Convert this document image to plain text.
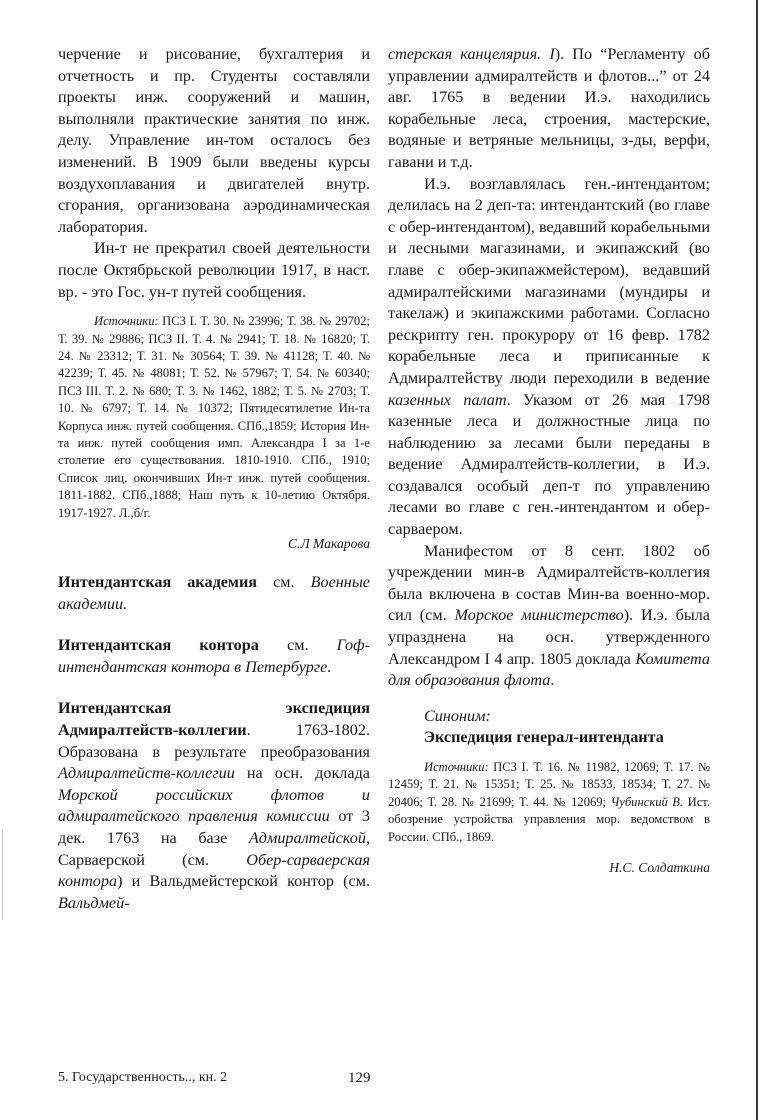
черчение и рисование, бухгалтерия и отчетность и пр. Студенты составляли проекты инж. сооружений и машин, выполняли практические занятия по инж. делу. Управление ин-том осталось без изменений. В 1909 были введены курсы воздухоплавания и двигателей внутр. сгорания, организована аэродинамическая лаборатория.

Ин-т не прекратил своей деятельности после Октябрьской революции 1917, в наст. вр. - это Гос. ун-т путей сообщения.

Источники: ПСЗ I. Т. 30. № 23996; Т. 38. № 29702; Т. 39. № 29886; ПСЗ II. Т. 4. № 2941; Т. 18. № 16820; Т. 24. № 23312; Т. 31. № 30564; Т. 39. № 41128; Т. 40. № 42239; Т. 45. № 48081; Т. 52. № 57967; Т. 54. № 60340; ПСЗ III. Т. 2. № 680; Т. 3. № 1462, 1882; Т. 5. № 2703; Т. 10. № 6797; Т. 14. № 10372; Пятидесятилетие Ин-та Корпуса инж. путей сообщения. СПб.,1859; История Ин-та инж. путей сообщения имп. Александра I за 1-е столетие его существования. 1810-1910. СПб., 1910; Список лиц, окончивших Ин-т инж. путей сообщения. 1811-1882. СПб.,1888; Наш путь к 10-летию Октября. 1917-1927. Л.,б/г.

С.Л Макарова

Интендантская академия см. Военные академии.

Интендантская контора см. Гоф-интендантская контора в Петербурге.

Интендантская экспедиция Адмиралтейств-коллегии. 1763-1802. Образована в результате преобразования Адмиралтейств-коллегии на осн. доклада Морской российских флотов и адмиралтейского правления комиссии от 3 дек. 1763 на базе Адмиралтейской, Сарваерской (см. Обер-сарваерская контора) и Вальдмейстерской контор (см. Вальдмей-

стерская канцелярия. I). По “Регламенту об управлении адмиралтейств и флотов...” от 24 авг. 1765 в ведении И.э. находились корабельные леса, строения, мастерские, водяные и ветряные мельницы, з-ды, верфи, гавани и т.д.

И.э. возглавлялась ген.-интендантом; делилась на 2 деп-та: интендантский (во главе с обер-интендантом), ведавший корабельными и лесными магазинами, и экипажский (во главе с обер-экипажмейстером), ведавший адмиралтейскими магазинами (мундиры и такелаж) и экипажскими работами. Согласно рескрипту ген. прокурору от 16 февр. 1782 корабельные леса и приписанные к Адмиралтейству люди переходили в ведение казенных палат. Указом от 26 мая 1798 казенные леса и должностные лица по наблюдению за лесами были переданы в ведение Адмиралтейств-коллегии, в И.э. создавался особый деп-т по управлению лесами во главе с ген.-интендантом и обер-сарваером.

Манифестом от 8 сент. 1802 об учреждении мин-в Адмиралтейств-коллегия была включена в состав Мин-ва военно-мор. сил (см. Морское министерство). И.э. была упразднена на осн. утвержденного Александром I 4 апр. 1805 доклада Комитета для образования флота.

Синоним:

Экспедиция генерал-интенданта

Источники: ПСЗ I. Т. 16. № 11982, 12069; Т. 17. № 12459; Т. 21. № 15351; Т. 25. № 18533, 18534; Т. 27. № 20406; Т. 28. № 21699; Т. 44. № 12069; Чубинский В. Ист. обозрение устройства управления мор. ведомством в России. СПб., 1869.

Н.С. Солдаткина
5. Государственность.., кн. 2	129
